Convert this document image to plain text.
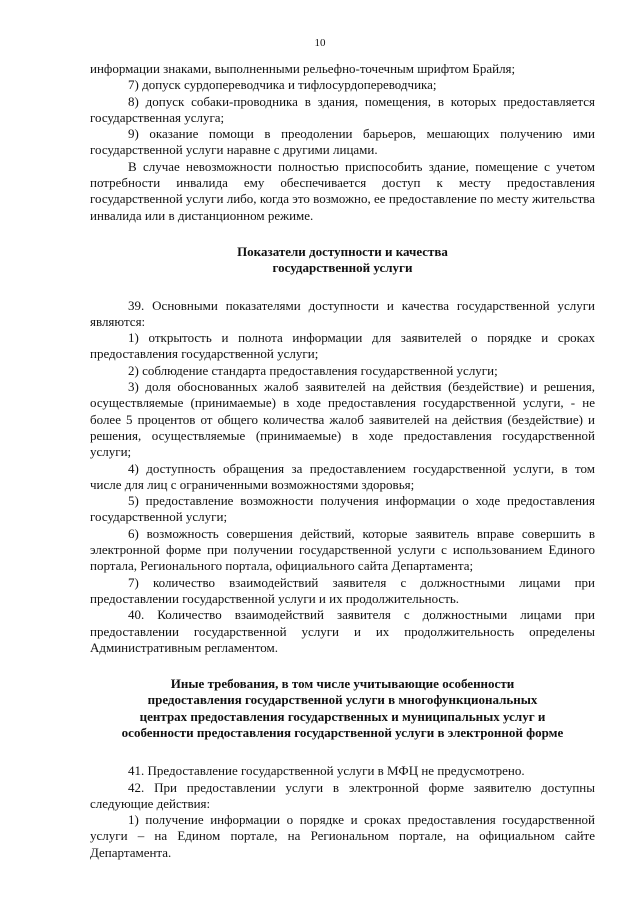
10

информации знаками, выполненными рельефно-точечным шрифтом Брайля;

7) допуск сурдопереводчика и тифлосурдопереводчика;

8) допуск собаки-проводника в здания, помещения, в которых предоставляется государственная услуга;

9) оказание помощи в преодолении барьеров, мешающих получению ими государственной услуги наравне с другими лицами.

В случае невозможности полностью приспособить здание, помещение с учетом потребности инвалида ему обеспечивается доступ к месту предоставления государственной услуги либо, когда это возможно, ее предоставление по месту жительства инвалида или в дистанционном режиме.

Показатели доступности и качества
государственной услуги

39. Основными показателями доступности и качества государственной услуги являются:

1) открытость и полнота информации для заявителей о порядке и сроках предоставления государственной услуги;

2) соблюдение стандарта предоставления государственной услуги;

3) доля обоснованных жалоб заявителей на действия (бездействие) и решения, осуществляемые (принимаемые) в ходе предоставления государственной услуги, - не более 5 процентов от общего количества жалоб заявителей на действия (бездействие) и решения, осуществляемые (принимаемые) в ходе предоставления государственной услуги;

4) доступность обращения за предоставлением государственной услуги, в том числе для лиц с ограниченными возможностями здоровья;

5) предоставление возможности получения информации о ходе предоставления государственной услуги;

6) возможность совершения действий, которые заявитель вправе совершить в электронной форме при получении государственной услуги с использованием Единого портала, Регионального портала, официального сайта Департамента;

7) количество взаимодействий заявителя с должностными лицами при предоставлении государственной услуги и их продолжительность.

40. Количество взаимодействий заявителя с должностными лицами при предоставлении государственной услуги и их продолжительность определены Административным регламентом.

Иные требования, в том числе учитывающие особенности
предоставления государственной услуги в многофункциональных
центрах предоставления государственных и муниципальных услуг и
особенности предоставления государственной услуги в электронной форме

41. Предоставление государственной услуги в МФЦ не предусмотрено.

42. При предоставлении услуги в электронной форме заявителю доступны следующие действия:

1) получение информации о порядке и сроках предоставления государственной услуги – на Едином портале, на Региональном портале, на официальном сайте Департамента.
